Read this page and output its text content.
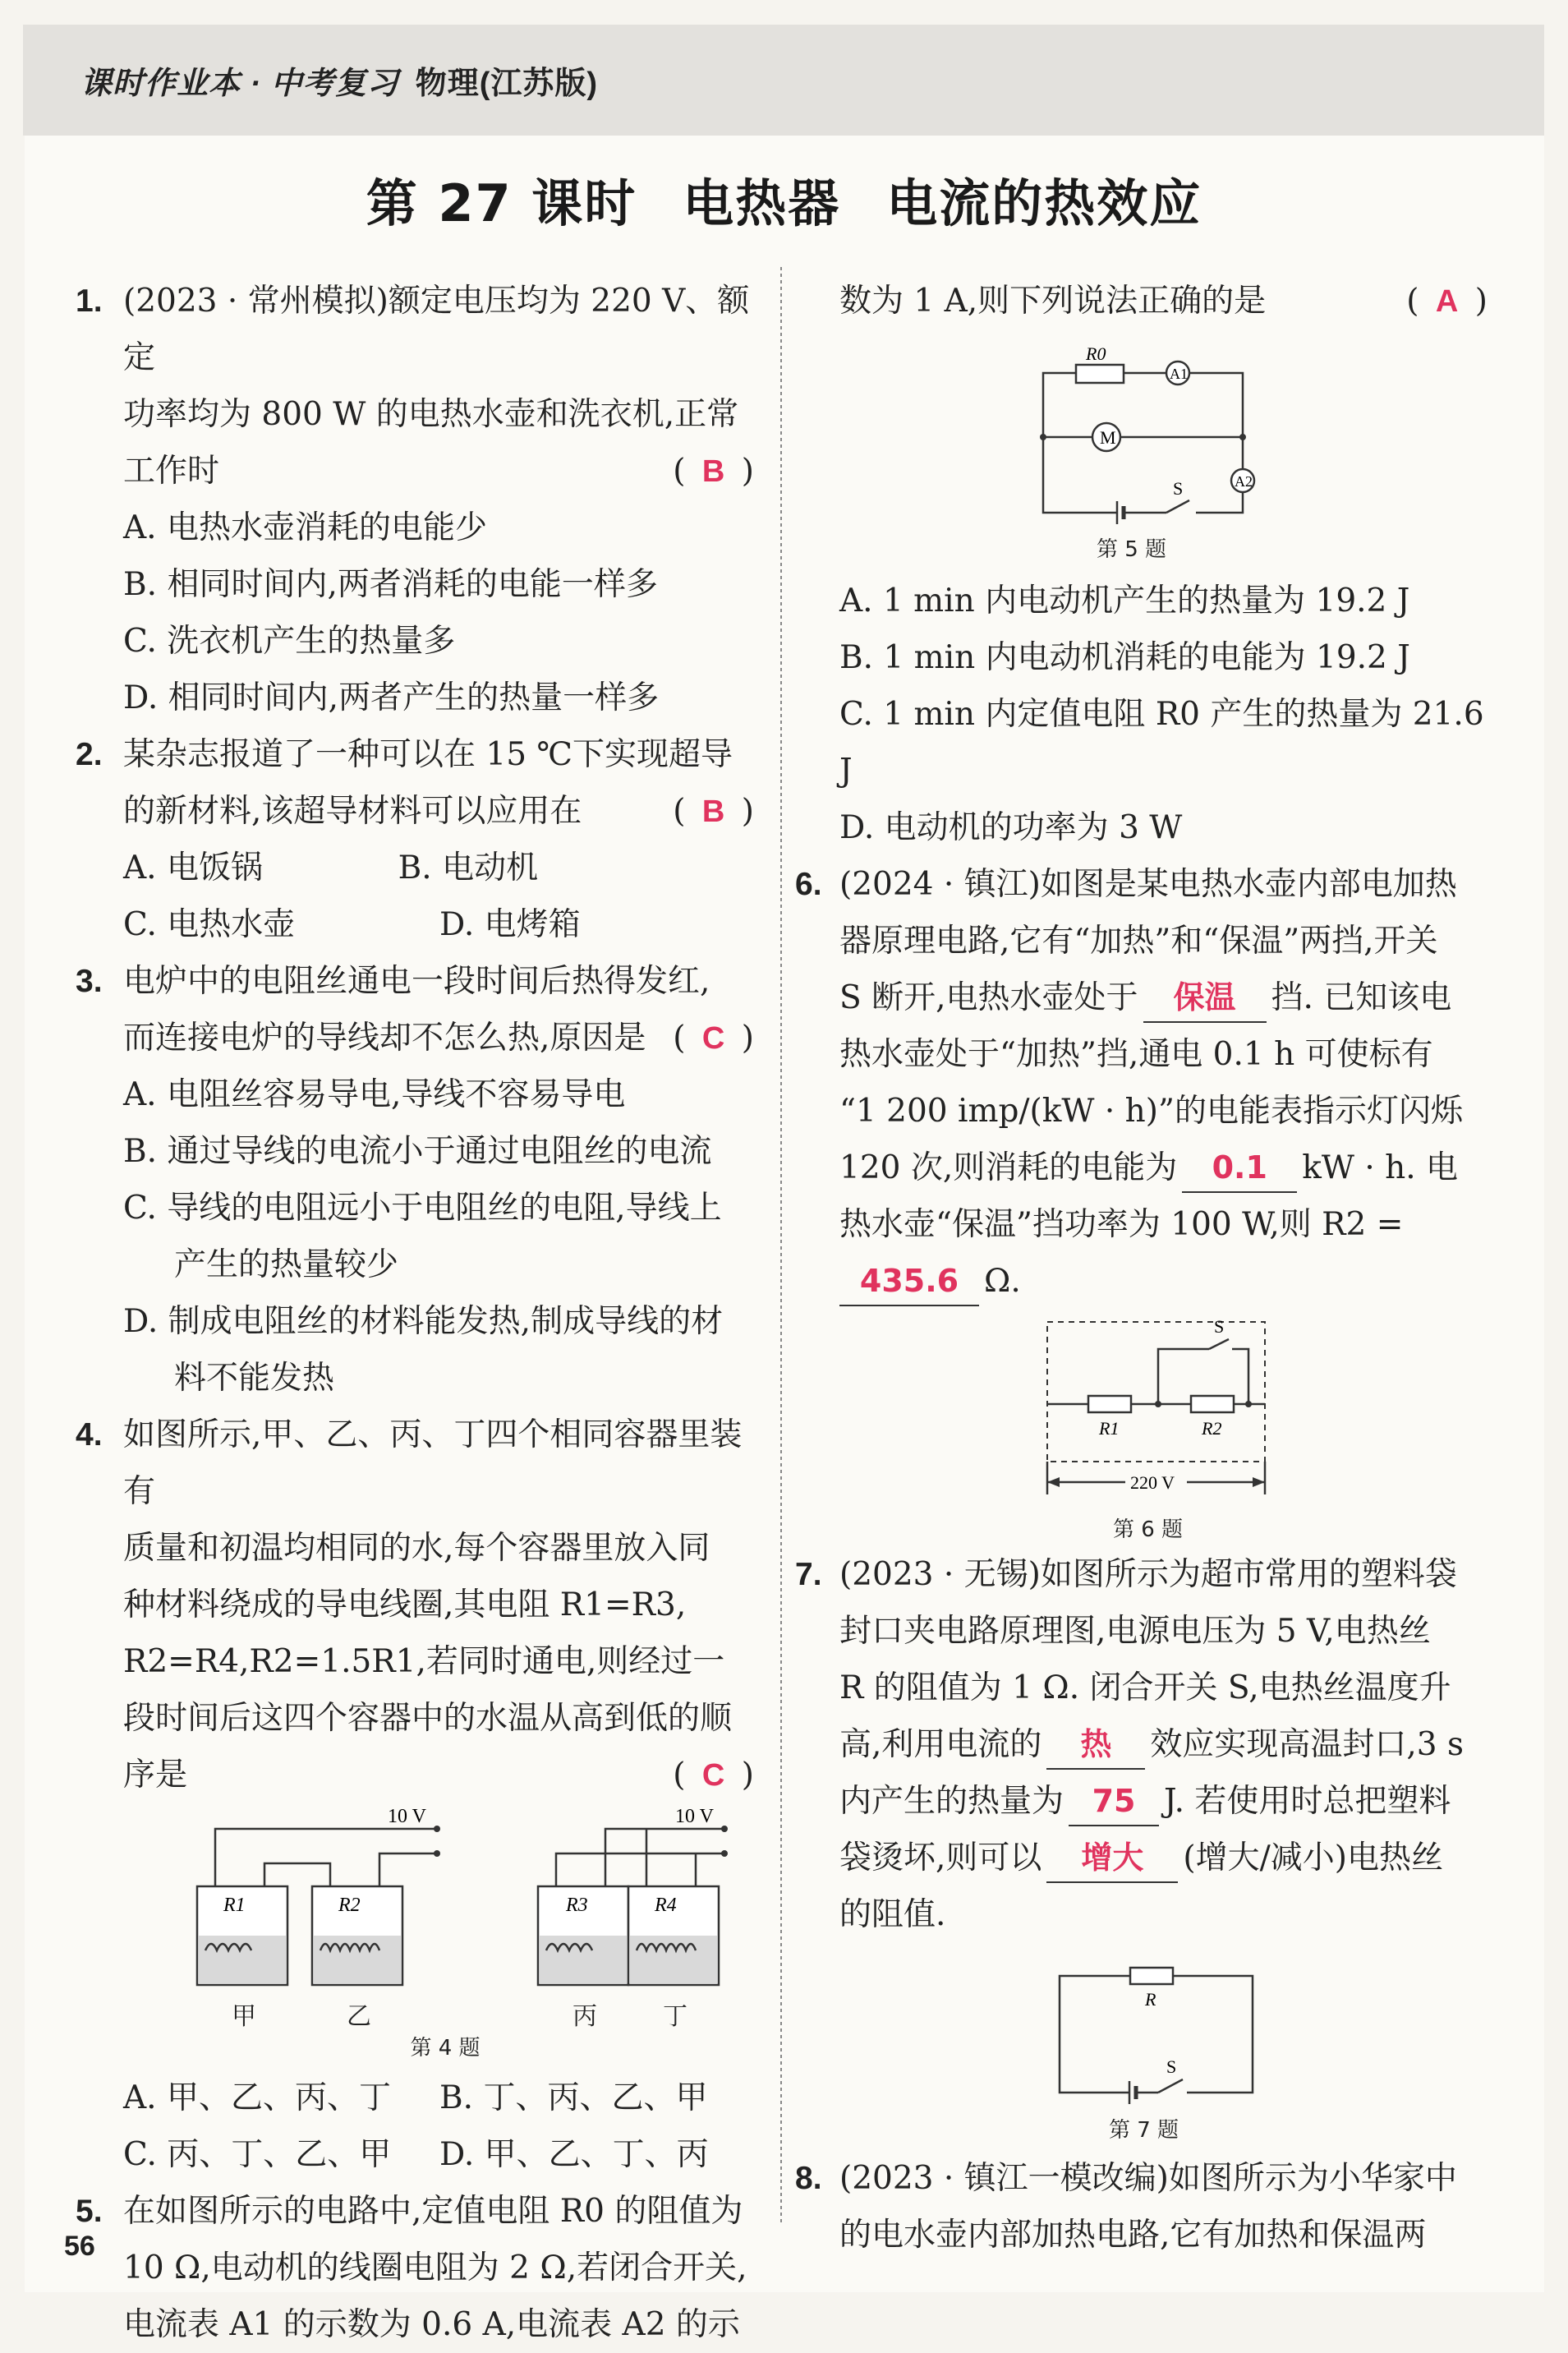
课时作业本 · 中考复习 物理(江苏版)
第 27 课时 电热器 电流的热效应
1. (2023 · 常州模拟)额定电压均为 220 V、额定
功率均为 800 W 的电热水壶和洗衣机,正常
工作时	( B )
A. 电热水壶消耗的电能少
B. 相同时间内,两者消耗的电能一样多
C. 洗衣机产生的热量多
D. 相同时间内,两者产生的热量一样多
2. 某杂志报道了一种可以在 15 ℃下实现超导
的新材料,该超导材料可以应用在	( B )
A. 电饭锅	B. 电动机
C. 电热水壶	D. 电烤箱
3. 电炉中的电阻丝通电一段时间后热得发红,
而连接电炉的导线却不怎么热,原因是 ( C )
A. 电阻丝容易导电,导线不容易导电
B. 通过导线的电流小于通过电阻丝的电流
C. 导线的电阻远小于电阻丝的电阻,导线上
产生的热量较少
D. 制成电阻丝的材料能发热,制成导线的材
料不能发热
4. 如图所示,甲、乙、丙、丁四个相同容器里装有
质量和初温均相同的水,每个容器里放入同
种材料绕成的导电线圈,其电阻 R1=R3,
R2=R4,R2=1.5R1,若同时通电,则经过一
段时间后这四个容器中的水温从高到低的顺
序是	( C )
10 V	10 V
R1	R2	R3	R4
甲	乙	丙	丁
第 4 题
A. 甲、乙、丙、丁	B. 丁、丙、乙、甲
C. 丙、丁、乙、甲	D. 甲、乙、丁、丙
5. 在如图所示的电路中,定值电阻 R0 的阻值为
10 Ω,电动机的线圈电阻为 2 Ω,若闭合开关,
电流表 A1 的示数为 0.6 A,电流表 A2 的示
数为 1 A,则下列说法正确的是	( A )
R0
A1
M
S	A2
第 5 题
A. 1 min 内电动机产生的热量为 19.2 J
B. 1 min 内电动机消耗的电能为 19.2 J
C. 1 min 内定值电阻 R0 产生的热量为 21.6 J
D. 电动机的功率为 3 W
6. (2024 · 镇江)如图是某电热水壶内部电加热
器原理电路,它有“加热”和“保温”两挡,开关
S 断开,电热水壶处于 保温 挡. 已知该电
热水壶处于“加热”挡,通电 0.1 h 可使标有
“1 200 imp/(kW · h)”的电能表指示灯闪烁
120 次,则消耗的电能为 0.1 kW · h. 电
热水壶“保温”挡功率为 100 W,则 R2 =
435.6 Ω.
S
R1	R2
220 V
第 6 题
7. (2023 · 无锡)如图所示为超市常用的塑料袋
封口夹电路原理图,电源电压为 5 V,电热丝
R 的阻值为 1 Ω. 闭合开关 S,电热丝温度升
高,利用电流的 热 效应实现高温封口,3 s
内产生的热量为 75 J. 若使用时总把塑料
袋烫坏,则可以 增大 (增大/减小)电热丝
的阻值.
R
S
第 7 题
8. (2023 · 镇江一模改编)如图所示为小华家中
的电水壶内部加热电路,它有加热和保温两
56
